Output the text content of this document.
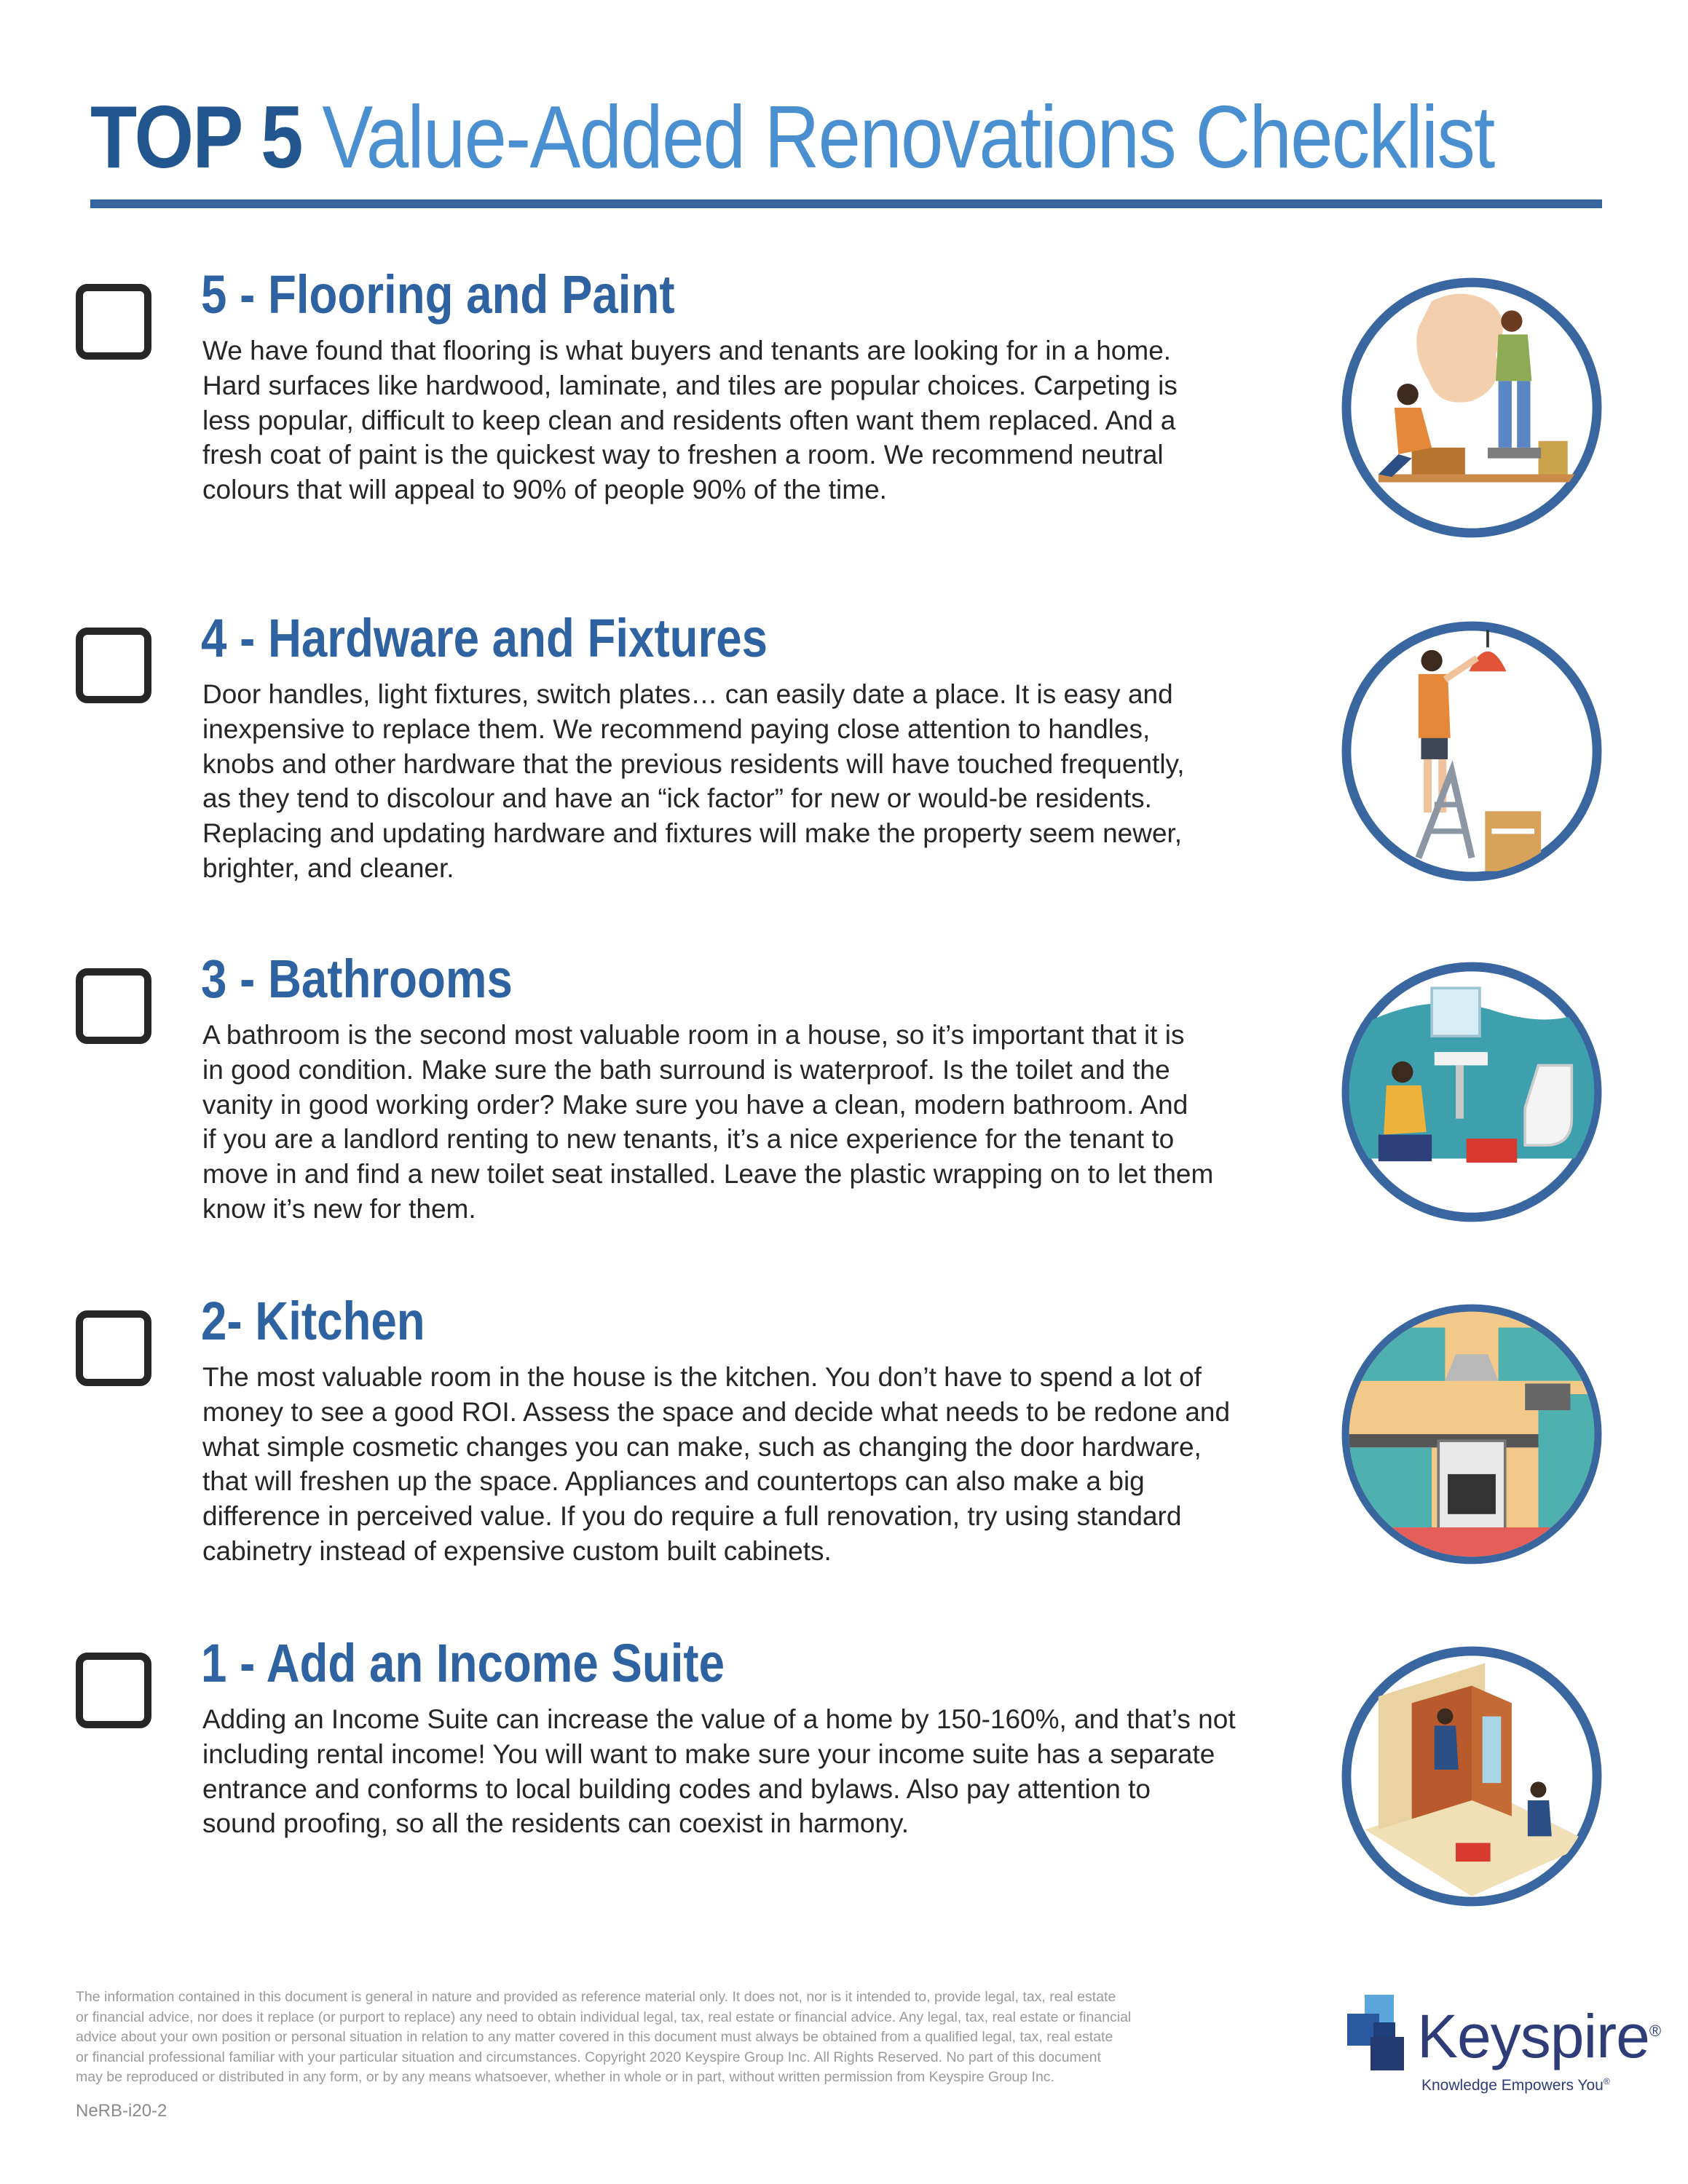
TOP 5 Value-Added Renovations Checklist
5 - Flooring and Paint
We have found that flooring is what buyers and tenants are looking for in a home.
Hard surfaces like hardwood, laminate, and tiles are popular choices. Carpeting is
less popular, difficult to keep clean and residents often want them replaced. And a
fresh coat of paint is the quickest way to freshen a room. We recommend neutral
colours that will appeal to 90% of people 90% of the time.
4 - Hardware and Fixtures
Door handles, light fixtures, switch plates… can easily date a place. It is easy and
inexpensive to replace them. We recommend paying close attention to handles,
knobs and other hardware that the previous residents will have touched frequently,
as they tend to discolour and have an “ick factor” for new or would-be residents.
Replacing and updating hardware and fixtures will make the property seem newer,
brighter, and cleaner.
3 - Bathrooms
A bathroom is the second most valuable room in a house, so it’s important that it is
in good condition. Make sure the bath surround is waterproof. Is the toilet and the
vanity in good working order? Make sure you have a clean, modern bathroom. And
if you are a landlord renting to new tenants, it’s a nice experience for the tenant to
move in and find a new toilet seat installed. Leave the plastic wrapping on to let them
know it’s new for them.
2- Kitchen
The most valuable room in the house is the kitchen. You don’t have to spend a lot of
money to see a good ROI. Assess the space and decide what needs to be redone and
what simple cosmetic changes you can make, such as changing the door hardware,
that will freshen up the space. Appliances and countertops can also make a big
difference in perceived value. If you do require a full renovation, try using standard
cabinetry instead of expensive custom built cabinets.
1 - Add an Income Suite
Adding an Income Suite can increase the value of a home by 150-160%, and that’s not
including rental income! You will want to make sure your income suite has a separate
entrance and conforms to local building codes and bylaws. Also pay attention to
sound proofing, so all the residents can coexist in harmony.
The information contained in this document is general in nature and provided as reference material only. It does not, nor is it intended to, provide legal, tax, real estate
or financial advice, nor does it replace (or purport to replace) any need to obtain individual legal, tax, real estate or financial advice. Any legal, tax, real estate or financial
advice about your own position or personal situation in relation to any matter covered in this document must always be obtained from a qualified legal, tax, real estate
or financial professional familiar with your particular situation and circumstances. Copyright 2020 Keyspire Group Inc. All Rights Reserved. No part of this document
may be reproduced or distributed in any form, or by any means whatsoever, whether in whole or in part, without written permission from Keyspire Group Inc.
NeRB-i20-2
Keyspire®
Knowledge Empowers You®
